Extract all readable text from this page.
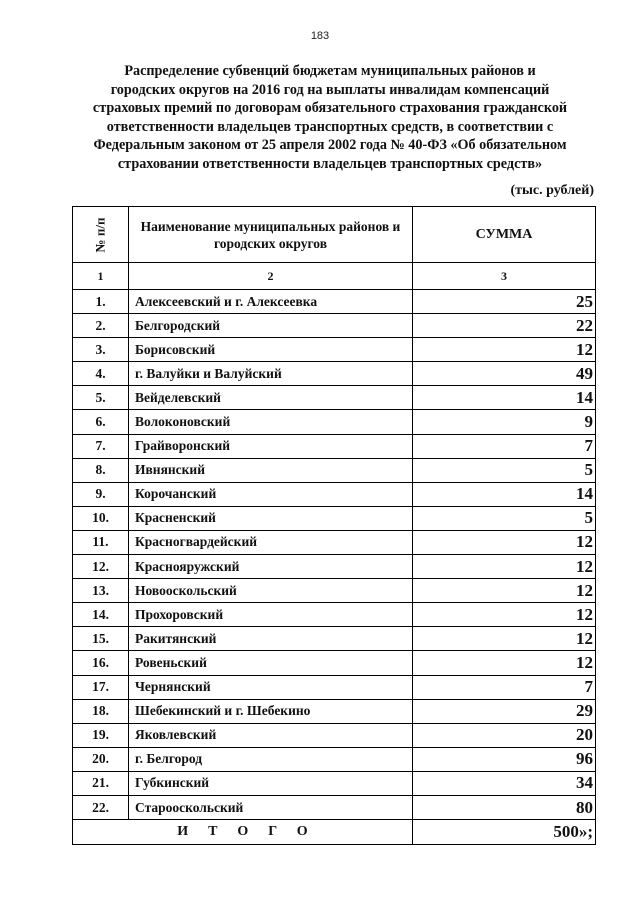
183
Распределение субвенций бюджетам муниципальных районов и
городских округов на 2016 год на выплаты инвалидам компенсаций
страховых премий по договорам обязательного страхования гражданской
ответственности владельцев транспортных средств, в соответствии с
Федеральным законом от 25 апреля 2002 года № 40-ФЗ «Об обязательном
страховании ответственности владельцев транспортных средств»
(тыс. рублей)
№ п/п	Наименование муниципальных районов и городских округов	СУММА
1	2	3
1.	Алексеевский и г. Алексеевка	25
2.	Белгородский	22
3.	Борисовский	12
4.	г. Валуйки и Валуйский	49
5.	Вейделевский	14
6.	Волоконовский	9
7.	Грайворонский	7
8.	Ивнянский	5
9.	Корочанский	14
10.	Красненский	5
11.	Красногвардейский	12
12.	Краснояружский	12
13.	Новооскольский	12
14.	Прохоровский	12
15.	Ракитянский	12
16.	Ровеньский	12
17.	Чернянский	7
18.	Шебекинский и г. Шебекино	29
19.	Яковлевский	20
20.	г. Белгород	96
21.	Губкинский	34
22.	Старооскольский	80
ИТОГО		500»;
